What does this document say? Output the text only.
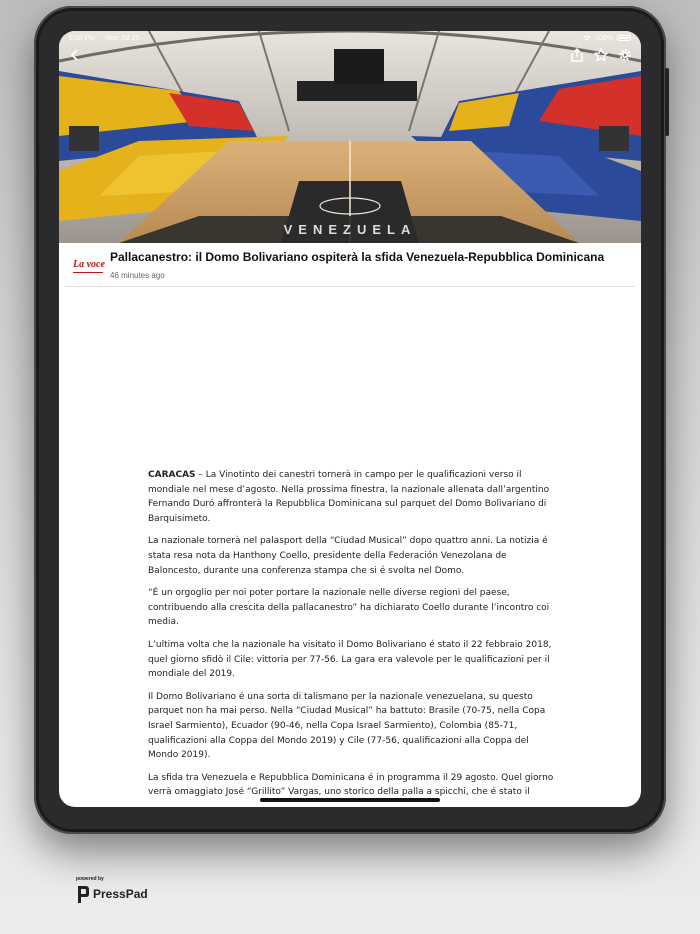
VENEZUELA
6:38 PM Mon Jul 25	100%
La voce
Pallacanestro: il Domo Bolivariano ospiterà la sfida Venezuela-Repubblica Dominicana
46 minutes ago

CARACAS – La Vinotinto dei canestri tornerà in campo per le qualificazioni verso il mondiale nel mese d’agosto. Nella prossima finestra, la nazionale allenata dall’argentino Fernando Duró affronterà la Repubblica Dominicana sul parquet del Domo Bolivariano di Barquisimeto.

La nazionale tornerà nel palasport della “Ciudad Musical” dopo quattro anni. La notizia é stata resa nota da Hanthony Coello, presidente della Federación Venezolana de Baloncesto, durante una conferenza stampa che si é svolta nel Domo.

“É un orgoglio per noi poter portare la nazionale nelle diverse regioni del paese, contribuendo alla crescita della pallacanestro” ha dichiarato Coello durante l’incontro coi media.

L’ultima volta che la nazionale ha visitato il Domo Bolivariano é stato il 22 febbraio 2018, quel giorno sfidò il Cile: vittoria per 77-56. La gara era valevole per le qualificazioni per il mondiale del 2019.

Il Domo Bolivariano é una sorta di talismano per la nazionale venezuelana, su questo parquet non ha mai perso. Nella “Ciudad Musical” ha battuto: Brasile (70-75, nella Copa Israel Sarmiento), Ecuador (90-46, nella Copa Israel Sarmiento), Colombia (85-71, qualificazioni alla Coppa del Mondo 2019) y Cile (77-56, qualificazioni alla Coppa del Mondo 2019).

La sfida tra Venezuela e Repubblica Dominicana é in programma il 29 agosto. Quel giorno verrà omaggiato José “Grillito” Vargas, uno storico della palla a spicchi, che é stato il

powered by
PressPad
